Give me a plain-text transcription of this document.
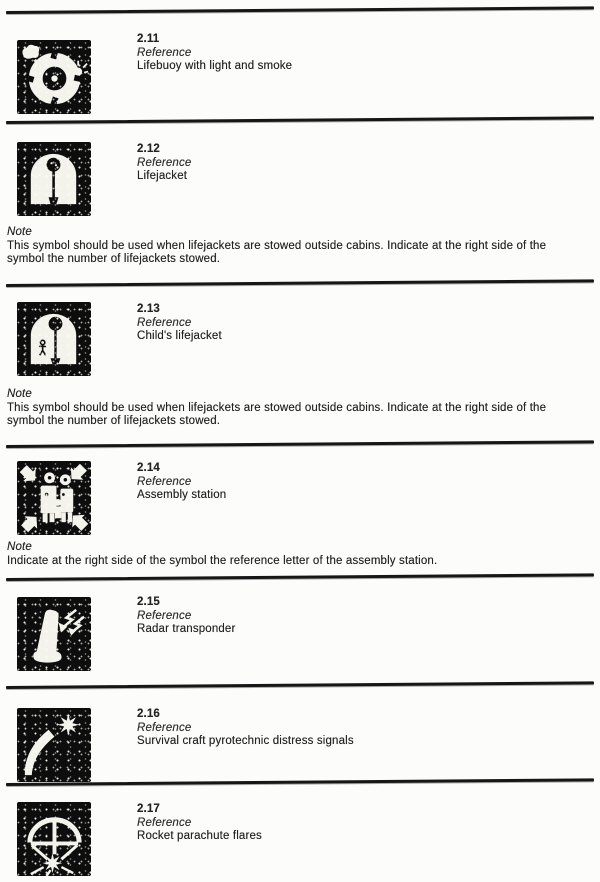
2.11
Reference
Lifebuoy with light and smoke
2.12
Reference
Lifejacket
Note
This symbol should be used when lifejackets are stowed outside cabins. Indicate at the right side of the symbol the number of lifejackets stowed.
2.13
Reference
Child's lifejacket
Note
This symbol should be used when lifejackets are stowed outside cabins. Indicate at the right side of the symbol the number of lifejackets stowed.
2.14
Reference
Assembly station
Note
Indicate at the right side of the symbol the reference letter of the assembly station.
2.15
Reference
Radar transponder
2.16
Reference
Survival craft pyrotechnic distress signals
2.17
Reference
Rocket parachute flares
